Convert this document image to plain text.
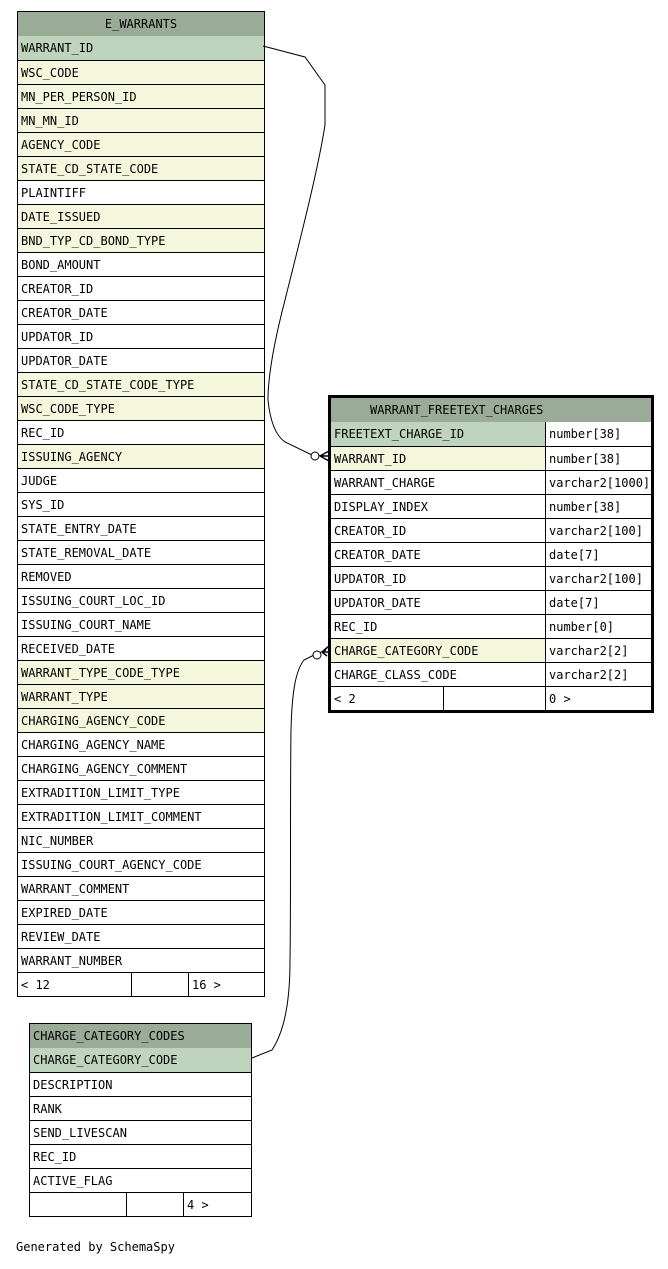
E_WARRANTS
WARRANT_ID
WSC_CODE
MN_PER_PERSON_ID
MN_MN_ID
AGENCY_CODE
STATE_CD_STATE_CODE
PLAINTIFF
DATE_ISSUED
BND_TYP_CD_BOND_TYPE
BOND_AMOUNT
CREATOR_ID
CREATOR_DATE
UPDATOR_ID
UPDATOR_DATE
STATE_CD_STATE_CODE_TYPE
WSC_CODE_TYPE
REC_ID
ISSUING_AGENCY
JUDGE
SYS_ID
STATE_ENTRY_DATE
STATE_REMOVAL_DATE
REMOVED
ISSUING_COURT_LOC_ID
ISSUING_COURT_NAME
RECEIVED_DATE
WARRANT_TYPE_CODE_TYPE
WARRANT_TYPE
CHARGING_AGENCY_CODE
CHARGING_AGENCY_NAME
CHARGING_AGENCY_COMMENT
EXTRADITION_LIMIT_TYPE
EXTRADITION_LIMIT_COMMENT
NIC_NUMBER
ISSUING_COURT_AGENCY_CODE
WARRANT_COMMENT
EXPIRED_DATE
REVIEW_DATE
WARRANT_NUMBER
< 12	16 >
WARRANT_FREETEXT_CHARGES
FREETEXT_CHARGE_ID	number[38]
WARRANT_ID	number[38]
WARRANT_CHARGE	varchar2[1000]
DISPLAY_INDEX	number[38]
CREATOR_ID	varchar2[100]
CREATOR_DATE	date[7]
UPDATOR_ID	varchar2[100]
UPDATOR_DATE	date[7]
REC_ID	number[0]
CHARGE_CATEGORY_CODE	varchar2[2]
CHARGE_CLASS_CODE	varchar2[2]
< 2	0 >
CHARGE_CATEGORY_CODES
CHARGE_CATEGORY_CODE
DESCRIPTION
RANK
SEND_LIVESCAN
REC_ID
ACTIVE_FLAG
4 >
Generated by SchemaSpy
